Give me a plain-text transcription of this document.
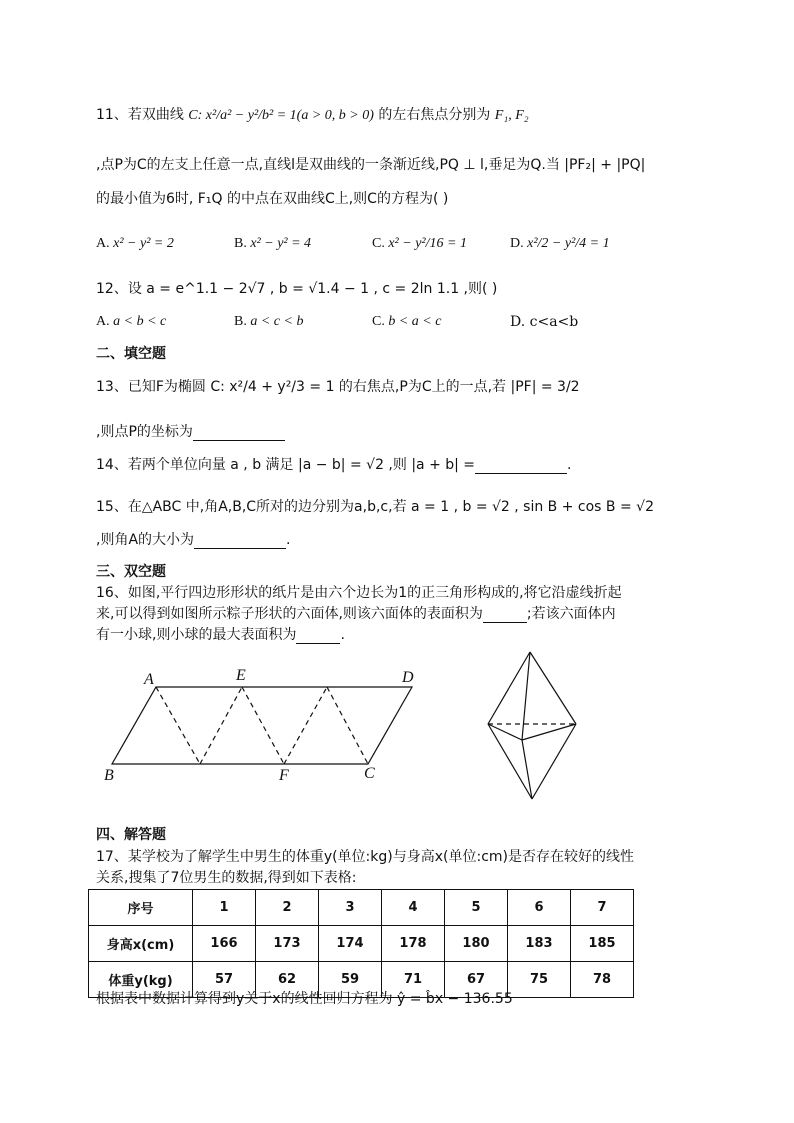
11、若双曲线 C: x²/a² − y²/b² = 1(a > 0, b > 0) 的左右焦点分别为 F₁, F₂
,点P为C的左支上任意一点,直线l是双曲线的一条渐近线,PQ ⊥ l,垂足为Q.当 |PF₂| + |PQ|
的最小值为6时, F₁Q 的中点在双曲线C上,则C的方程为( )
A. x² − y² = 2	B. x² − y² = 4	C. x² − y²/16 = 1	D. x²/2 − y²/4 = 1
12、设 a = e^1.1 − 2√7 , b = √1.4 − 1 , c = 2ln 1.1 ,则( )
A. a < b < c	B. a < c < b	C. b < a < c	D. c<a<b
二、填空题
13、已知F为椭圆 C: x²/4 + y²/3 = 1 的右焦点,P为C上的一点,若 |PF| = 3/2
,则点P的坐标为
14、若两个单位向量 a , b 满足 |a − b| = √2 ,则 |a + b| =	.
15、在△ABC 中,角A,B,C所对的边分别为a,b,c,若 a = 1 , b = √2 , sin B + cos B = √2
,则角A的大小为	.
三、双空题
16、如图,平行四边形形状的纸片是由六个边长为1的正三角形构成的,将它沿虚线折起
来,可以得到如图所示粽子形状的六面体,则该六面体的表面积为	;若该六面体内
有一小球,则小球的最大表面积为	.
A	E	D
B	F	C
四、解答题
17、某学校为了解学生中男生的体重y(单位:kg)与身高x(单位:cm)是否存在较好的线性
关系,搜集了7位男生的数据,得到如下表格:
序号	1	2	3	4	5	6	7
身高x(cm)	166	173	174	178	180	183	185
体重y(kg)	57	62	59	71	67	75	78
根据表中数据计算得到y关于x的线性回归方程为 ŷ = b̂x − 136.55
